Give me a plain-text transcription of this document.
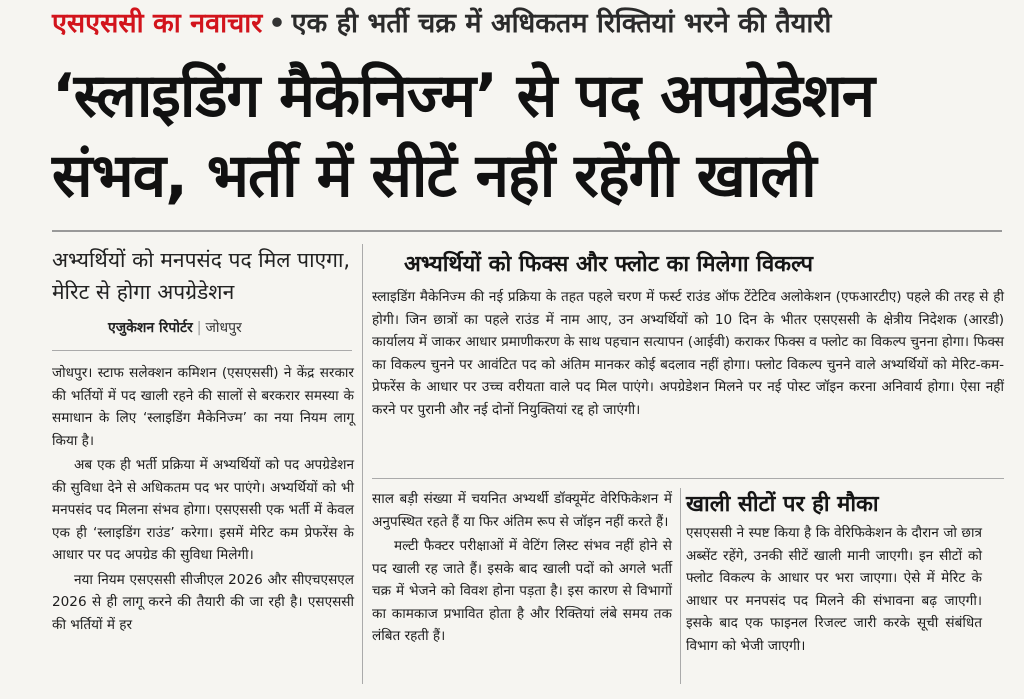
एसएससी का नवाचार • एक ही भर्ती चक्र में अधिकतम रिक्तियां भरने की तैयारी
‘स्लाइडिंग मैकेनिज्म’ से पद अपग्रेडेशन
संभव, भर्ती में सीटें नहीं रहेंगी खाली
अभ्यर्थियों को मनपसंद पद मिल पाएगा, मेरिट से होगा अपग्रेडेशन
एजुकेशन रिपोर्टर | जोधपुर

जोधपुर। स्टाफ सलेक्शन कमिशन (एसएससी) ने केंद्र सरकार की भर्तियों में पद खाली रहने की सालों से बरकरार समस्या के समाधान के लिए ‘स्लाइडिंग मैकेनिज्म’ का नया नियम लागू किया है।

अब एक ही भर्ती प्रक्रिया में अभ्यर्थियों को पद अपग्रेडेशन की सुविधा देने से अधिकतम पद भर पाएंगे। अभ्यर्थियों को भी मनपसंद पद मिलना संभव होगा। एसएससी एक भर्ती में केवल एक ही ‘स्लाइडिंग राउंड’ करेगा। इसमें मेरिट कम प्रेफरेंस के आधार पर पद अपग्रेड की सुविधा मिलेगी।

नया नियम एसएससी सीजीएल 2026 और सीएचएसएल 2026 से ही लागू करने की तैयारी की जा रही है। एसएससी की भर्तियों में हर

अभ्यर्थियों को फिक्स और फ्लोट का मिलेगा विकल्प

स्लाइडिंग मैकेनिज्म की नई प्रक्रिया के तहत पहले चरण में फर्स्ट राउंड ऑफ टेंटेटिव अलोकेशन (एफआरटीए) पहले की तरह से ही होगी। जिन छात्रों का पहले राउंड में नाम आए, उन अभ्यर्थियों को 10 दिन के भीतर एसएससी के क्षेत्रीय निदेशक (आरडी) कार्यालय में जाकर आधार प्रमाणीकरण के साथ पहचान सत्यापन (आईवी) कराकर फिक्स व फ्लोट का विकल्प चुनना होगा। फिक्स का विकल्प चुनने पर आवंटित पद को अंतिम मानकर कोई बदलाव नहीं होगा। फ्लोट विकल्प चुनने वाले अभ्यर्थियों को मेरिट-कम-प्रेफरेंस के आधार पर उच्च वरीयता वाले पद मिल पाएंगे। अपग्रेडेशन मिलने पर नई पोस्ट जॉइन करना अनिवार्य होगा। ऐसा नहीं करने पर पुरानी और नई दोनों नियुक्तियां रद्द हो जाएंगी।

साल बड़ी संख्या में चयनित अभ्यर्थी डॉक्यूमेंट वेरिफिकेशन में अनुपस्थित रहते हैं या फिर अंतिम रूप से जॉइन नहीं करते हैं।

मल्टी फैक्टर परीक्षाओं में वेटिंग लिस्ट संभव नहीं होने से पद खाली रह जाते हैं। इसके बाद खाली पदों को अगले भर्ती चक्र में भेजने को विवश होना पड़ता है। इस कारण से विभागों का कामकाज प्रभावित होता है और रिक्तियां लंबे समय तक लंबित रहती हैं।

खाली सीटों पर ही मौका

एसएससी ने स्पष्ट किया है कि वेरिफिकेशन के दौरान जो छात्र अब्सेंट रहेंगे, उनकी सीटें खाली मानी जाएगी। इन सीटों को फ्लोट विकल्प के आधार पर भरा जाएगा। ऐसे में मेरिट के आधार पर मनपसंद पद मिलने की संभावना बढ़ जाएगी। इसके बाद एक फाइनल रिजल्ट जारी करके सूची संबंधित विभाग को भेजी जाएगी।
